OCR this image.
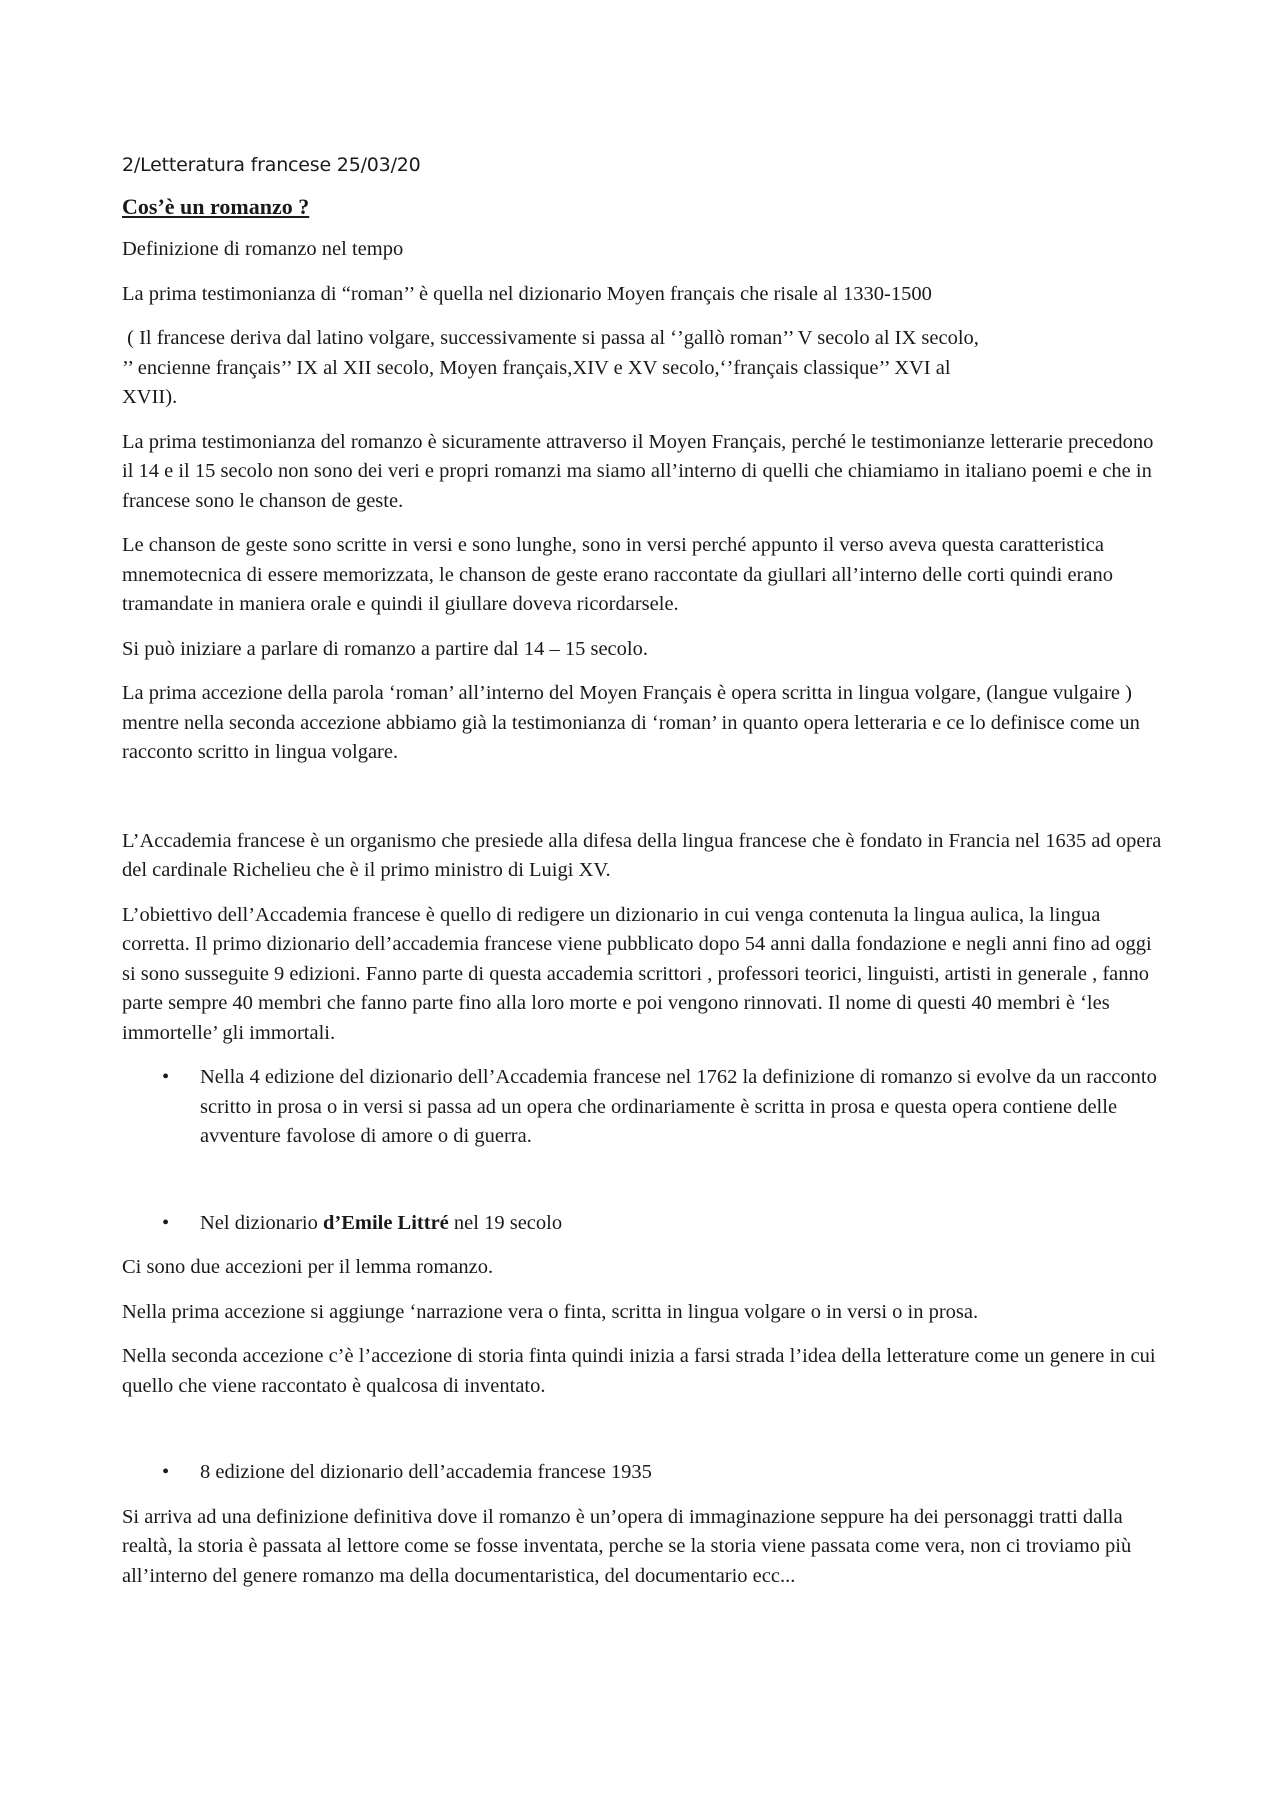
2/Letteratura francese 25/03/20
Cos’è un romanzo ?

Definizione di romanzo nel tempo

La prima testimonianza di “roman’’ è quella nel dizionario Moyen français che risale al 1330-1500

( Il francese deriva dal latino volgare, successivamente si passa al ‘’gallò roman’’ V secolo al IX secolo,
’’ encienne français’’ IX al XII secolo, Moyen français,XIV e XV secolo,‘’français classique’’ XVI al
XVII).

La prima testimonianza del romanzo è sicuramente attraverso il Moyen Français, perché le testimonianze letterarie precedono il 14 e il 15 secolo non sono dei veri e propri romanzi ma siamo all’interno di quelli che chiamiamo in italiano poemi e che in francese sono le chanson de geste.

Le chanson de geste sono scritte in versi e sono lunghe, sono in versi perché appunto il verso aveva questa caratteristica mnemotecnica di essere memorizzata, le chanson de geste erano raccontate da giullari all’interno delle corti quindi erano tramandate in maniera orale e quindi il giullare doveva ricordarsele.

Si può iniziare a parlare di romanzo a partire dal 14 – 15 secolo.

La prima accezione della parola ‘roman’ all’interno del Moyen Français è opera scritta in lingua volgare, (langue vulgaire ) mentre nella seconda accezione abbiamo già la testimonianza di ‘roman’ in quanto opera letteraria e ce lo definisce come un racconto scritto in lingua volgare.

L’Accademia francese è un organismo che presiede alla difesa della lingua francese che è fondato in Francia nel 1635 ad opera del cardinale Richelieu che è il primo ministro di Luigi XV.

L’obiettivo dell’Accademia francese è quello di redigere un dizionario in cui venga contenuta la lingua aulica, la lingua corretta. Il primo dizionario dell’accademia francese viene pubblicato dopo 54 anni dalla fondazione e negli anni fino ad oggi si sono susseguite 9 edizioni. Fanno parte di questa accademia scrittori , professori teorici, linguisti, artisti in generale , fanno parte sempre 40 membri che fanno parte fino alla loro morte e poi vengono rinnovati. Il nome di questi 40 membri è ‘les immortelle’ gli immortali.

• Nella 4 edizione del dizionario dell’Accademia francese nel 1762 la definizione di romanzo si evolve da un racconto scritto in prosa o in versi si passa ad un opera che ordinariamente è scritta in prosa e questa opera contiene delle avventure favolose di amore o di guerra.
• Nel dizionario d’Emile Littré nel 19 secolo

Ci sono due accezioni per il lemma romanzo.

Nella prima accezione si aggiunge ‘narrazione vera o finta, scritta in lingua volgare o in versi o in prosa.

Nella seconda accezione c’è l’accezione di storia finta quindi inizia a farsi strada l’idea della letterature come un genere in cui quello che viene raccontato è qualcosa di inventato.

• 8 edizione del dizionario dell’accademia francese 1935

Si arriva ad una definizione definitiva dove il romanzo è un’opera di immaginazione seppure ha dei personaggi tratti dalla realtà, la storia è passata al lettore come se fosse inventata, perche se la storia viene passata come vera, non ci troviamo più all’interno del genere romanzo ma della documentaristica, del documentario ecc...
